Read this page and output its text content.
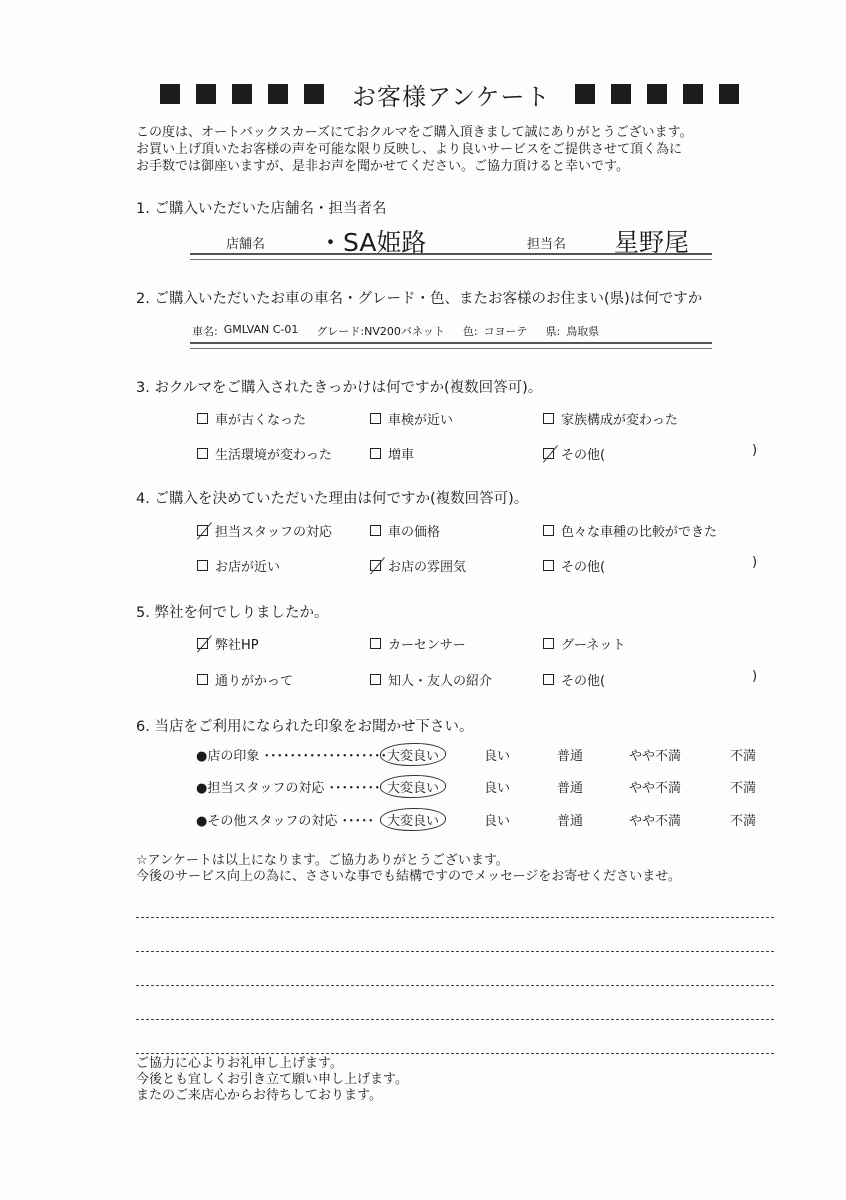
お客様アンケート
この度は、オートバックスカーズにておクルマをご購入頂きまして誠にありがとうございます。
お買い上げ頂いたお客様の声を可能な限り反映し、より良いサービスをご提供させて頂く為に
お手数では御座いますが、是非お声を聞かせてください。ご協力頂けると幸いです。
1. ご購入いただいた店舗名・担当者名
店舗名 ・SA姫路	担当名 星野尾
2. ご購入いただいたお車の車名・グレード・色、またお客様のお住まい(県)は何ですか
車名: GMLVAN C-01 グレード: NV200バネット 色: コヨーテ 県: 鳥取県
3. おクルマをご購入されたきっかけは何ですか(複数回答可)。
車が古くなった	車検が近い	家族構成が変わった
生活環境が変わった	増車	その他(	)
4. ご購入を決めていただいた理由は何ですか(複数回答可)。
担当スタッフの対応	車の価格	色々な車種の比較ができた
お店が近い	お店の雰囲気	その他(	)
5. 弊社を何でしりましたか。
弊社HP	カーセンサー	グーネット
通りがかって	知人・友人の紹介	その他(	)
6. 当店をご利用になられた印象をお聞かせ下さい。
●店の印象 ･･･････････････････ 大変良い	良い	普通	やや不満	不満
●担当スタッフの対応 ････････ 大変良い	良い	普通	やや不満	不満
●その他スタッフの対応 ･････	大変良い	良い	普通	やや不満	不満
☆アンケートは以上になります。ご協力ありがとうございます。
今後のサービス向上の為に、ささいな事でも結構ですのでメッセージをお寄せくださいませ。
ご協力に心よりお礼申し上げます。
今後とも宜しくお引き立て願い申し上げます。
またのご来店心からお待ちしております。
